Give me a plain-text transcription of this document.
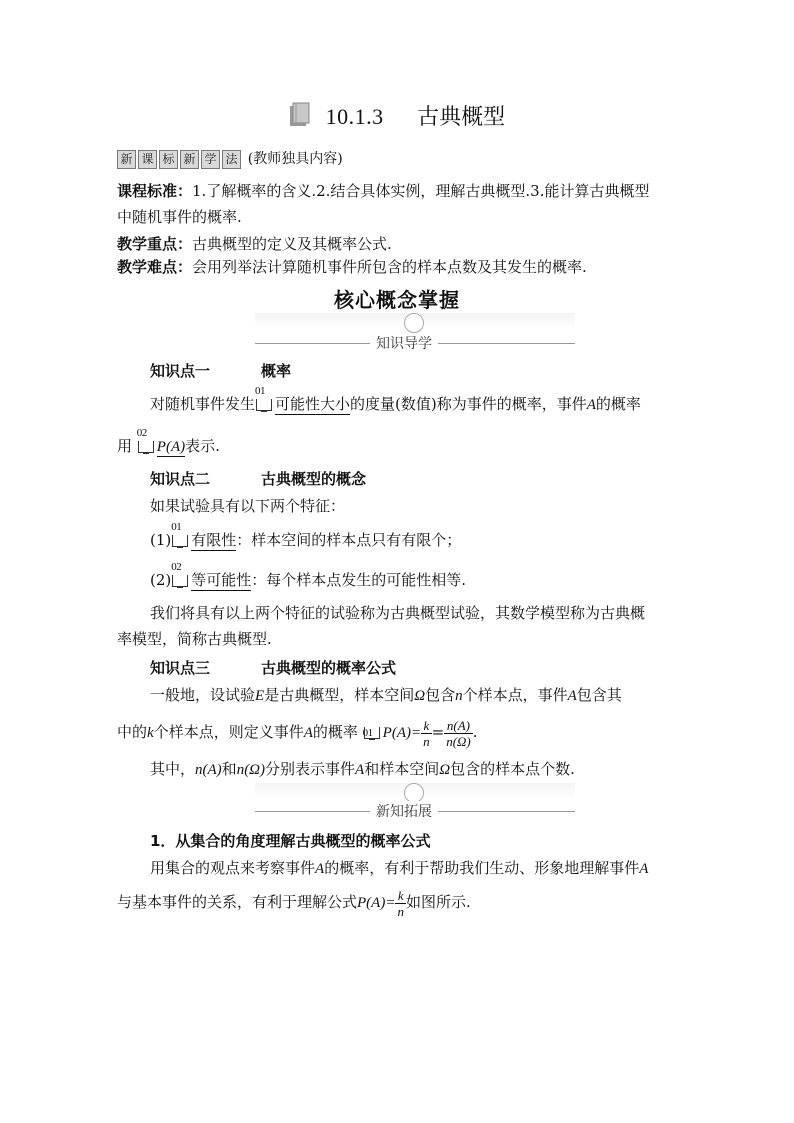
10.1.3 古典概型
新 课 标 新 学 法 (教师独具内容)
课程标准：1.了解概率的含义.2.结合具体实例，理解古典概型.3.能计算古典概型
中随机事件的概率.
教学重点：古典概型的定义及其概率公式.
教学难点：会用列举法计算随机事件所包含的样本点数及其发生的概率.
核心概念掌握
知识导学
知识点一	概率
对随机事件发生
01
可能性大小的度量(数值)称为事件的概率，事件A的概率
用
02
P(A)表示.
知识点二	古典概型的概念
如果试验具有以下两个特征：
(1)
01
有限性：样本空间的样本点只有有限个；
(2)
02
等可能性：每个样本点发生的可能性相等.
我们将具有以上两个特征的试验称为古典概型试验，其数学模型称为古典概
率模型，简称古典概型.
知识点三	古典概型的概率公式
一般地，设试验E是古典概型，样本空间Ω包含n个样本点，事件A包含其
中的k个样本点，则定义事件A的概率 01 $P(A)= \frac{k}{n} = \frac{n(A)}{n(\Omega)}$ .
其中，n(A)和n(Ω)分别表示事件A和样本空间Ω包含的样本点个数.
新知拓展
1．从集合的角度理解古典概型的概率公式
用集合的观点来考察事件A的概率，有利于帮助我们生动、形象地理解事件A
与基本事件的关系，有利于理解公式$P(A)= \frac{k}{n}$ 如图所示.
